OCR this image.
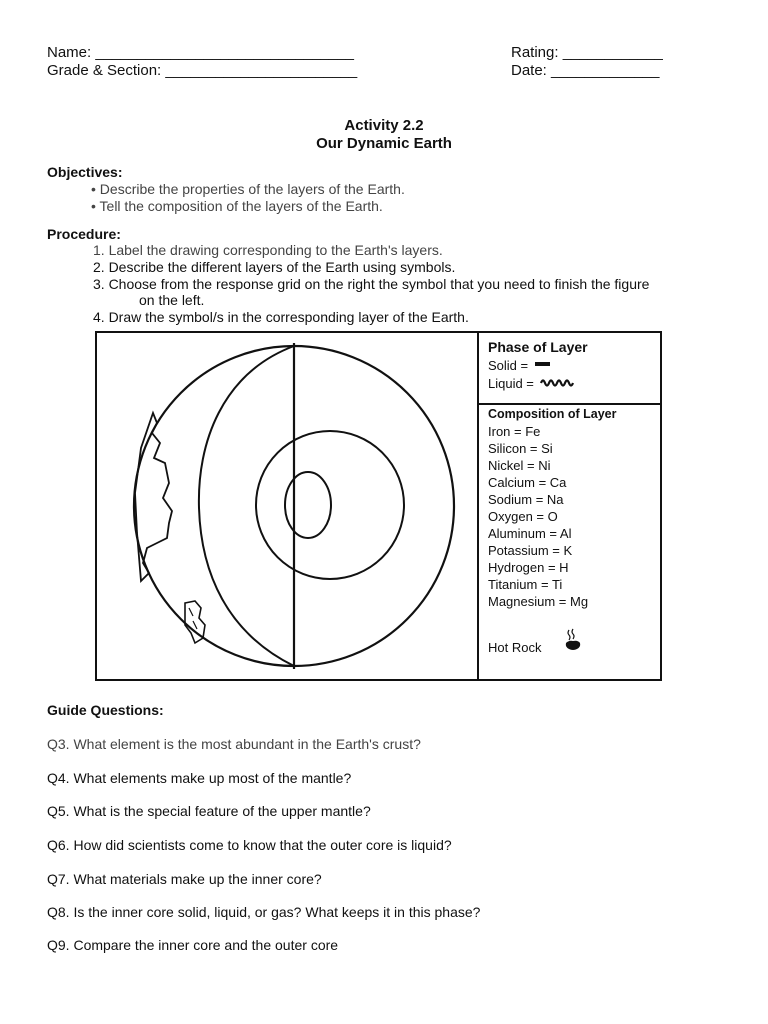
Name: _______________________________	Rating: ____________
Grade & Section: _______________________	Date: _____________
Activity 2.2
Our Dynamic Earth
Objectives:
• Describe the properties of the layers of the Earth.
• Tell the composition of the layers of the Earth.
Procedure:
1. Label the drawing corresponding to the Earth's layers.
2. Describe the different layers of the Earth using symbols.
3. Choose from the response grid on the right the symbol that you need to finish the figure
on the left.
4. Draw the symbol/s in the corresponding layer of the Earth.
Phase of Layer
Solid =
Liquid =
Composition of Layer
Iron = Fe
Silicon = Si
Nickel = Ni
Calcium = Ca
Sodium = Na
Oxygen = O
Aluminum = Al
Potassium = K
Hydrogen = H
Titanium = Ti
Magnesium = Mg
Hot Rock
Guide Questions:
Q3. What element is the most abundant in the Earth's crust?
Q4. What elements make up most of the mantle?
Q5. What is the special feature of the upper mantle?
Q6. How did scientists come to know that the outer core is liquid?
Q7. What materials make up the inner core?
Q8. Is the inner core solid, liquid, or gas? What keeps it in this phase?
Q9. Compare the inner core and the outer core
